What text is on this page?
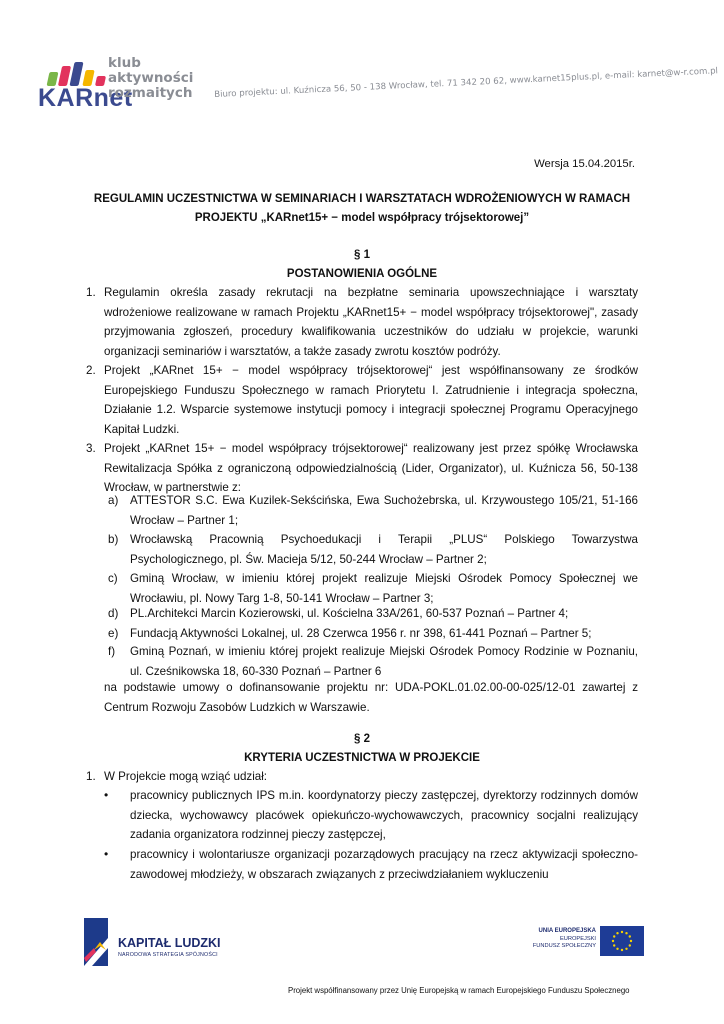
KARnet
klub
aktywności
rozmaitych	Biuro projektu: ul. Kuźnicza 56, 50 - 138 Wrocław, tel. 71 342 20 62, www.karnet15plus.pl, e-mail: karnet@w-r.com.pl
Wersja 15.04.2015r.
REGULAMIN UCZESTNICTWA W SEMINARIACH I WARSZTATACH WDROŻENIOWYCH W RAMACH
PROJEKTU „KARnet15+ − model współpracy trójsektorowej”
§ 1
POSTANOWIENIA OGÓLNE
1. Regulamin określa zasady rekrutacji na bezpłatne seminaria upowszechniające i warsztaty wdrożeniowe realizowane w ramach Projektu „KARnet15+ − model współpracy trójsektorowej", zasady przyjmowania zgłoszeń, procedury kwalifikowania uczestników do udziału w projekcie, warunki organizacji seminariów i warsztatów, a także zasady zwrotu kosztów podróży.
2. Projekt „KARnet 15+ − model współpracy trójsektorowej“ jest współfinansowany ze środków Europejskiego Funduszu Społecznego w ramach Priorytetu I. Zatrudnienie i integracja społeczna, Działanie 1.2. Wsparcie systemowe instytucji pomocy i integracji społecznej Programu Operacyjnego Kapitał Ludzki.
3. Projekt „KARnet 15+ − model współpracy trójsektorowej“ realizowany jest przez spółkę Wrocławska Rewitalizacja Spółka z ograniczoną odpowiedzialnością (Lider, Organizator), ul. Kuźnicza 56, 50-138 Wrocław, w partnerstwie z:
a) ATTESTOR S.C. Ewa Kuzilek-Sekścińska, Ewa Suchożebrska, ul. Krzywoustego 105/21, 51-166 Wrocław – Partner 1;
b) Wrocławską Pracownią Psychoedukacji i Terapii „PLUS“ Polskiego Towarzystwa Psychologicznego, pl. Św. Macieja 5/12, 50-244 Wrocław – Partner 2;
c) Gminą Wrocław, w imieniu której projekt realizuje Miejski Ośrodek Pomocy Społecznej we Wrocławiu, pl. Nowy Targ 1-8, 50-141 Wrocław – Partner 3;
d) PL.Architekci Marcin Kozierowski, ul. Kościelna 33A/261, 60-537 Poznań – Partner 4;
e) Fundacją Aktywności Lokalnej, ul. 28 Czerwca 1956 r. nr 398, 61-441 Poznań – Partner 5;
f) Gminą Poznań, w imieniu której projekt realizuje Miejski Ośrodek Pomocy Rodzinie w Poznaniu, ul. Cześnikowska 18, 60-330 Poznań – Partner 6
na podstawie umowy o dofinansowanie projektu nr: UDA-POKL.01.02.00-00-025/12-01 zawartej z Centrum Rozwoju Zasobów Ludzkich w Warszawie.
§ 2
KRYTERIA UCZESTNICTWA W PROJEKCIE
1. W Projekcie mogą wziąć udział:
• pracownicy publicznych IPS m.in. koordynatorzy pieczy zastępczej, dyrektorzy rodzinnych domów dziecka, wychowawcy placówek opiekuńczo-wychowawczych, pracownicy socjalni realizujący zadania organizatora rodzinnej pieczy zastępczej,
• pracownicy i wolontariusze organizacji pozarządowych pracujący na rzecz aktywizacji społeczno-zawodowej młodzieży, w obszarach związanych z przeciwdziałaniem wykluczeniu
KAPITAŁ LUDZKI
NARODOWA STRATEGIA SPÓJNOŚCI
UNIA EUROPEJSKA
EUROPEJSKI
FUNDUSZ SPOŁECZNY
Projekt współfinansowany przez Unię Europejską w ramach Europejskiego Funduszu Społecznego
